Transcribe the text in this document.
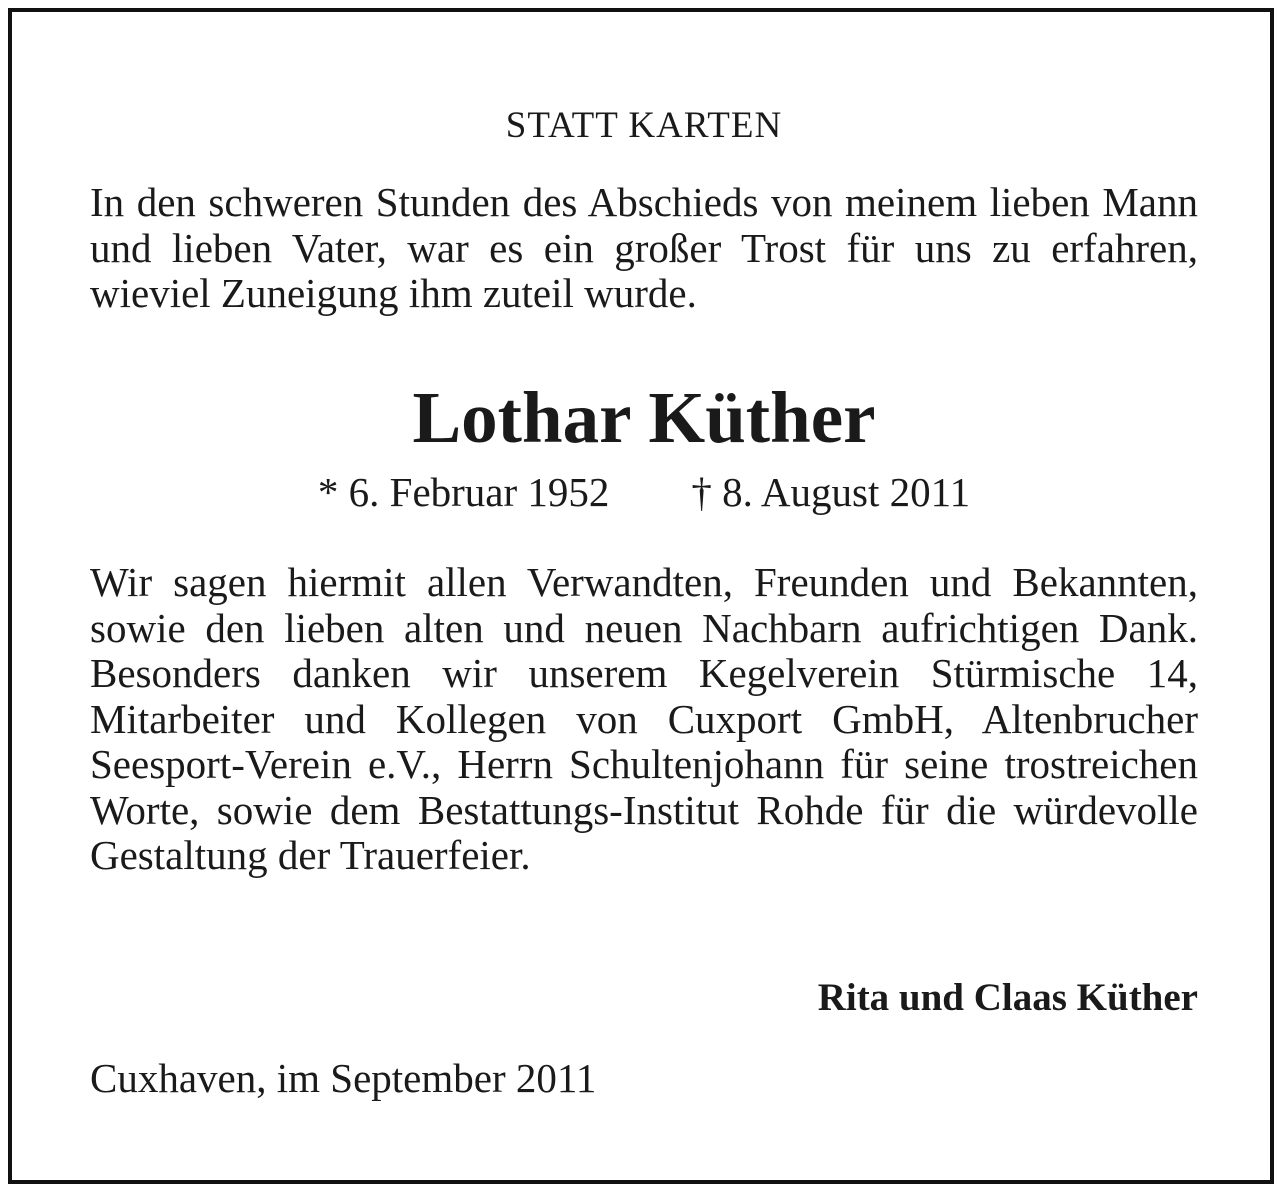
STATT KARTEN

In den schweren Stunden des Abschieds von meinem lieben Mann und lieben Vater, war es ein großer Trost für uns zu erfahren, wieviel Zuneigung ihm zuteil wurde.

Lothar Küther
* 6. Februar 1952 † 8. August 2011

Wir sagen hiermit allen Verwandten, Freunden und Bekannten, sowie den lieben alten und neuen Nachbarn aufrichtigen Dank. Besonders danken wir unserem Kegelverein Stürmische 14, Mitarbeiter und Kollegen von Cuxport GmbH, Altenbrucher Seesport-Verein e.V., Herrn Schultenjohann für seine trostreichen Worte, sowie dem Bestattungs-Institut Rohde für die würdevolle Gestaltung der Trauerfeier.

Rita und Claas Küther
Cuxhaven, im September 2011
